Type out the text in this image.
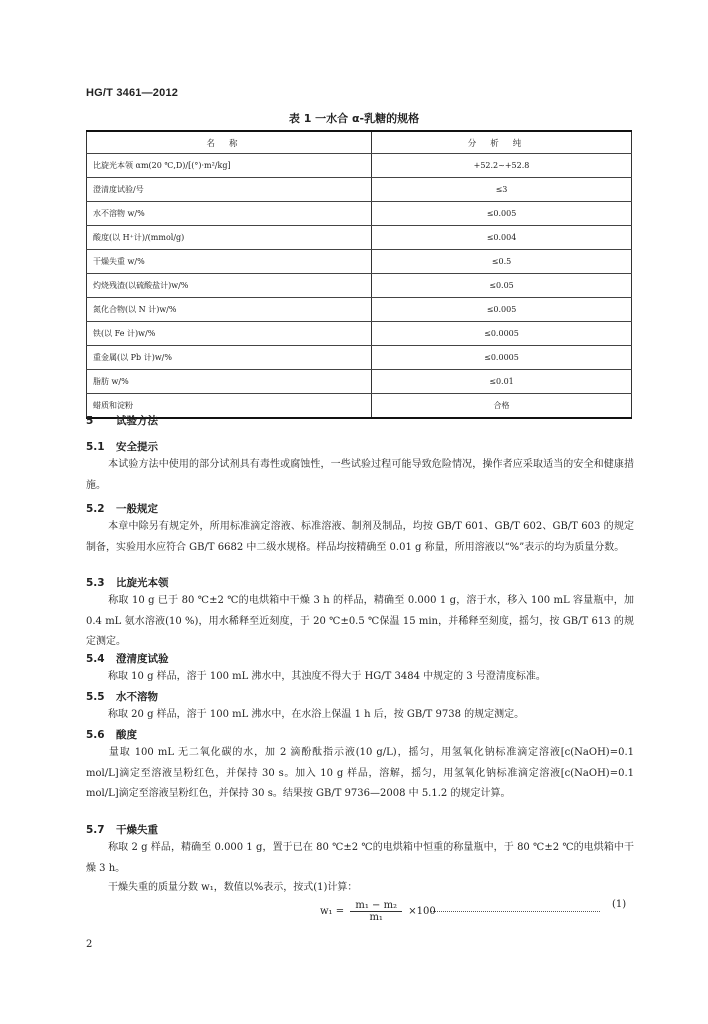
HG/T 3461—2012
表 1 一水合 α-乳糖的规格
名称	分析纯
比旋光本领 αm(20 ℃,D)/[(°)·m²/kg]	+52.2~+52.8
澄清度试验/号	≤3
水不溶物 w/%	≤0.005
酸度(以 H⁺计)/(mmol/g)	≤0.004
干燥失重 w/%	≤0.5
灼烧残渣(以硫酸盐计)w/%	≤0.05
氮化合物(以 N 计)w/%	≤0.005
铁(以 Fe 计)w/%	≤0.0005
重金属(以 Pb 计)w/%	≤0.0005
脂肪 w/%	≤0.01
蜡质和淀粉	合格
5 试验方法
5.1 安全提示
本试验方法中使用的部分试剂具有毒性或腐蚀性，一些试验过程可能导致危险情况，操作者应采取适当的安全和健康措施。
5.2 一般规定
本章中除另有规定外，所用标准滴定溶液、标准溶液、制剂及制品，均按 GB/T 601、GB/T 602、GB/T 603 的规定制备，实验用水应符合 GB/T 6682 中二级水规格。样品均按精确至 0.01 g 称量，所用溶液以“%”表示的均为质量分数。
5.3 比旋光本领
称取 10 g 已于 80 ℃±2 ℃的电烘箱中干燥 3 h 的样品，精确至 0.000 1 g，溶于水，移入 100 mL 容量瓶中，加 0.4 mL 氨水溶液(10 %)，用水稀释至近刻度，于 20 ℃±0.5 ℃保温 15 min，并稀释至刻度，摇匀，按 GB/T 613 的规定测定。
5.4 澄清度试验
称取 10 g 样品，溶于 100 mL 沸水中，其浊度不得大于 HG/T 3484 中规定的 3 号澄清度标准。
5.5 水不溶物
称取 20 g 样品，溶于 100 mL 沸水中，在水浴上保温 1 h 后，按 GB/T 9738 的规定测定。
5.6 酸度
量取 100 mL 无二氧化碳的水，加 2 滴酚酞指示液(10 g/L)，摇匀，用氢氧化钠标准滴定溶液[c(NaOH)=0.1 mol/L]滴定至溶液呈粉红色，并保持 30 s。加入 10 g 样品，溶解，摇匀，用氢氧化钠标准滴定溶液[c(NaOH)=0.1 mol/L]滴定至溶液呈粉红色，并保持 30 s。结果按 GB/T 9736—2008 中 5.1.2 的规定计算。
5.7 干燥失重
称取 2 g 样品，精确至 0.000 1 g，置于已在 80 ℃±2 ℃的电烘箱中恒重的称量瓶中，于 80 ℃±2 ℃的电烘箱中干燥 3 h。
干燥失重的质量分数 w₁，数值以%表示，按式(1)计算：
$w_1 = \frac{\text{m₁ − m₂}}{\text{m₁}} \times 100$
(1)
2
